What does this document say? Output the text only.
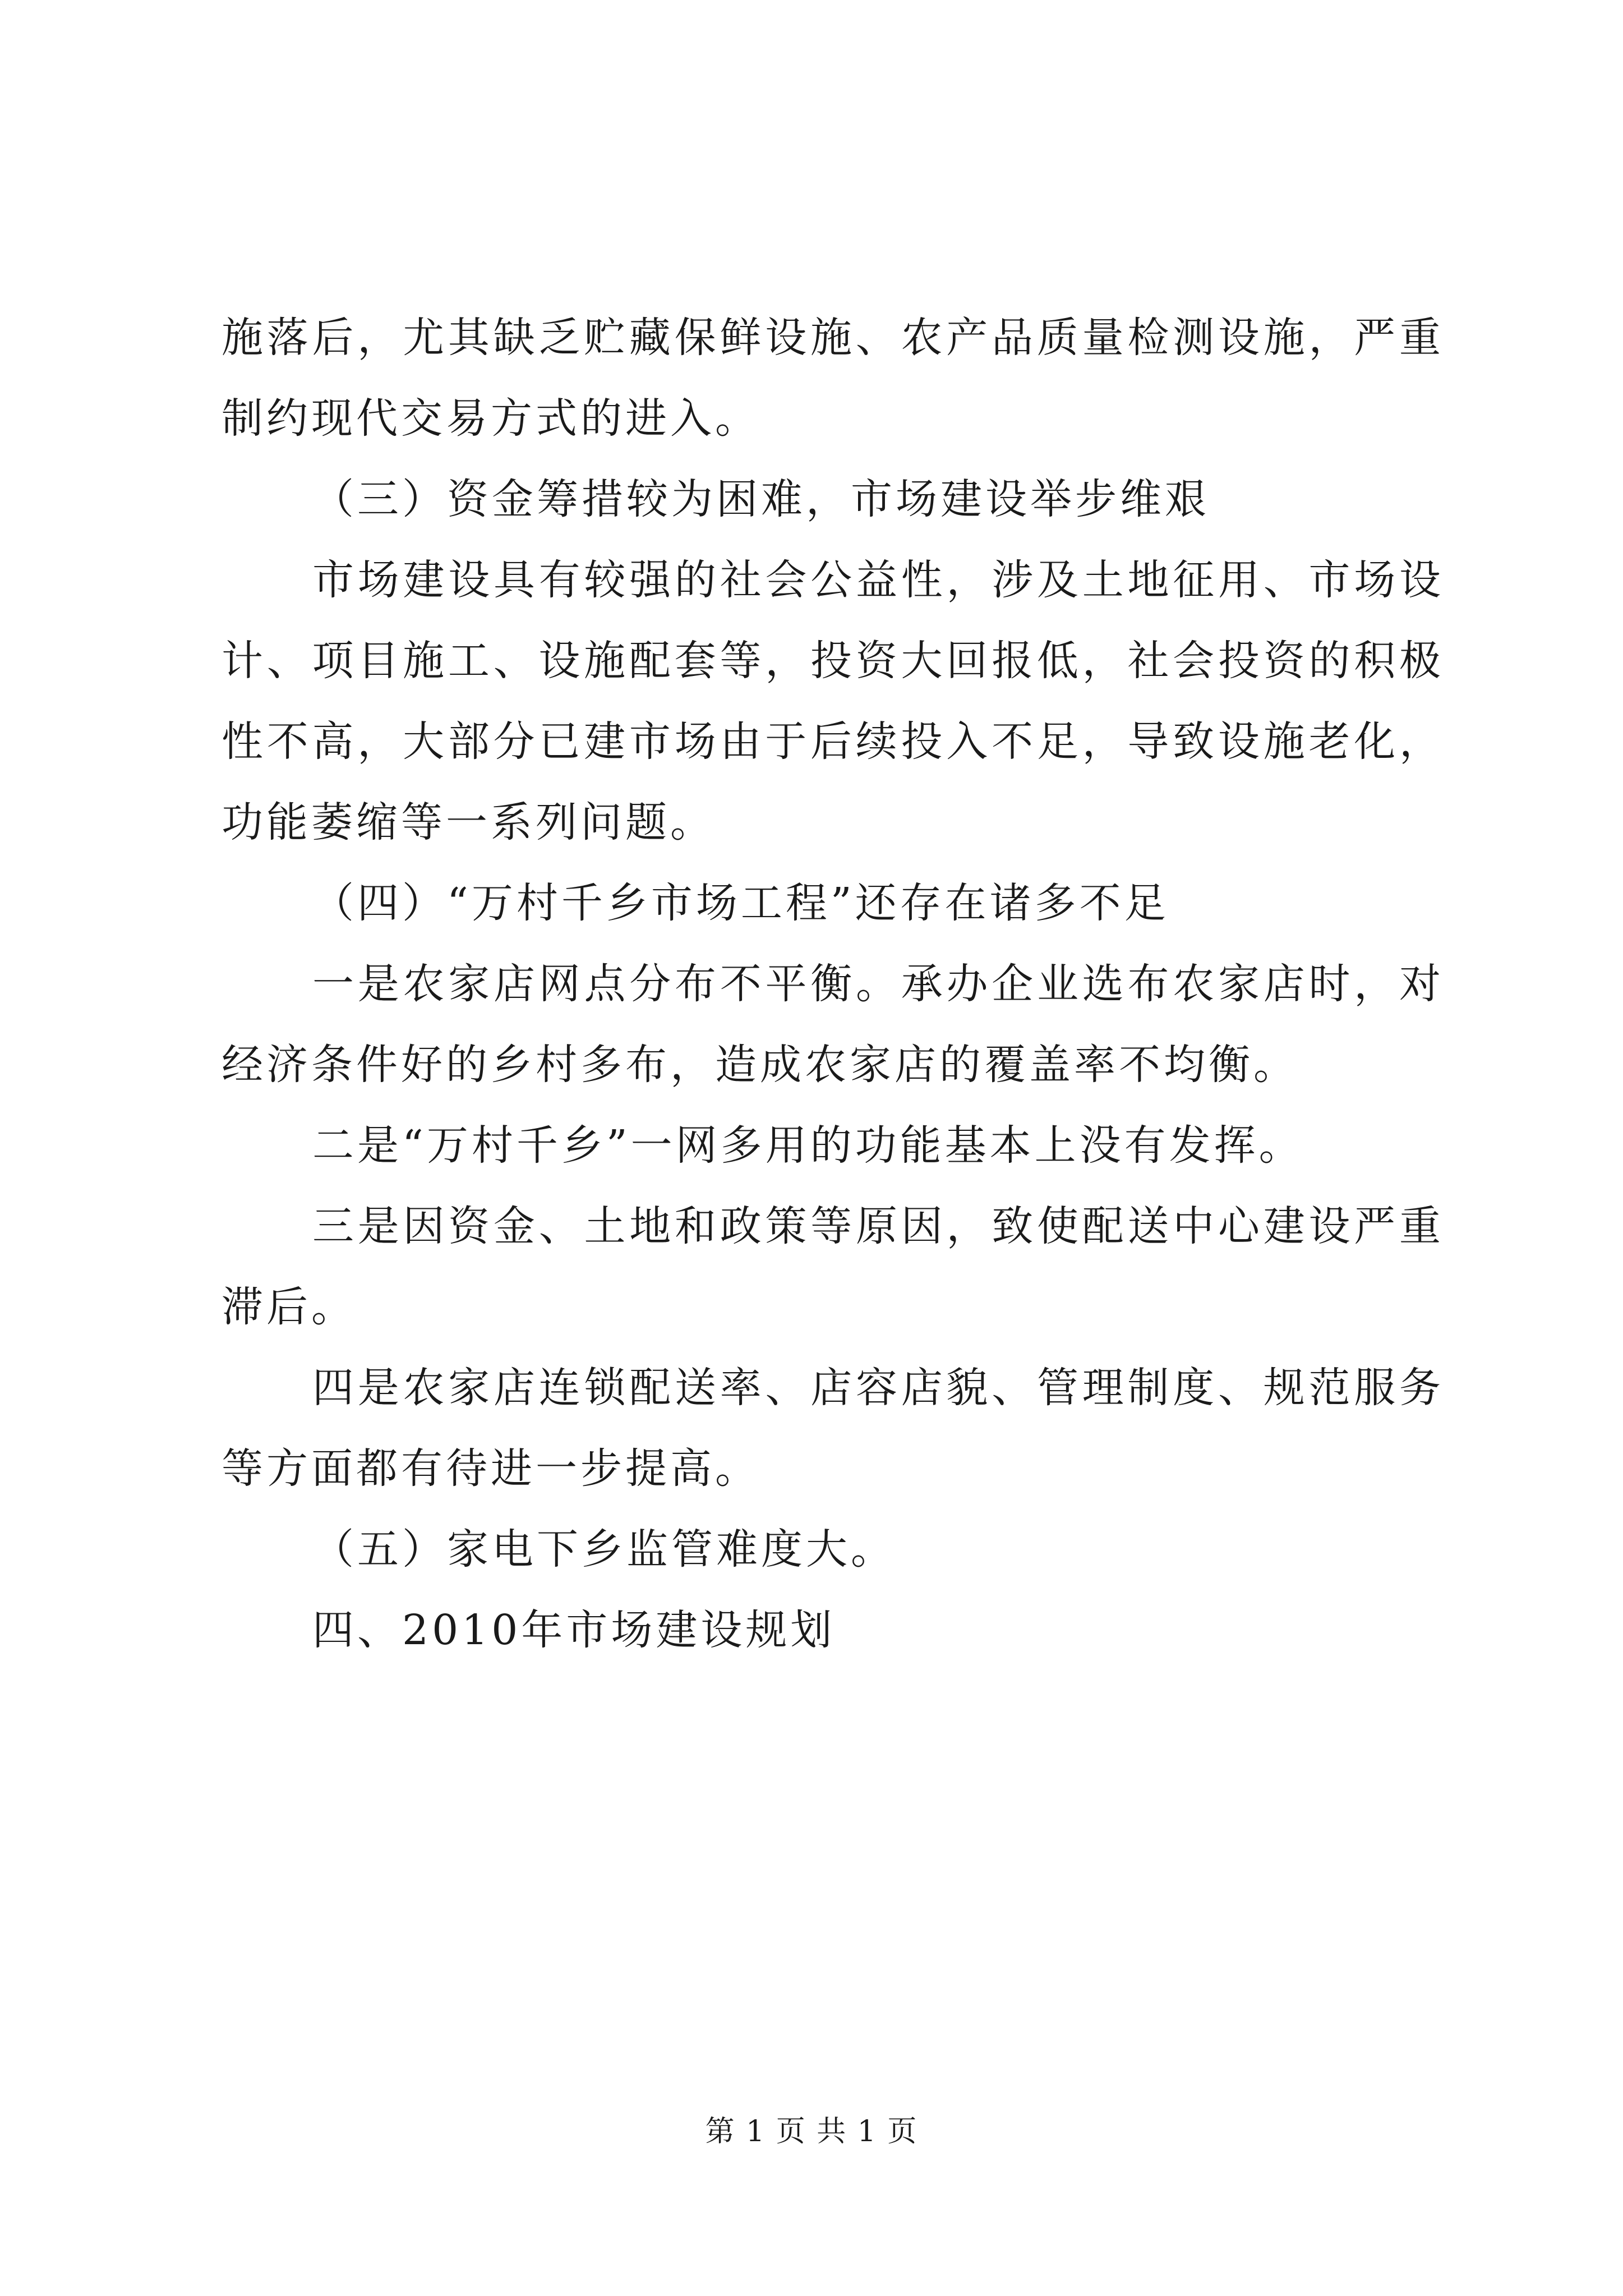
施落后，尤其缺乏贮藏保鲜设施、农产品质量检测设施，严重制约现代交易方式的进入。

（三）资金筹措较为困难，市场建设举步维艰

市场建设具有较强的社会公益性，涉及土地征用、市场设计、项目施工、设施配套等，投资大回报低，社会投资的积极性不高，大部分已建市场由于后续投入不足，导致设施老化，功能萎缩等一系列问题。

（四）“万村千乡市场工程”还存在诸多不足

一是农家店网点分布不平衡。承办企业选布农家店时，对经济条件好的乡村多布，造成农家店的覆盖率不均衡。

二是“万村千乡”一网多用的功能基本上没有发挥。

三是因资金、土地和政策等原因，致使配送中心建设严重滞后。

四是农家店连锁配送率、店容店貌、管理制度、规范服务等方面都有待进一步提高。

（五）家电下乡监管难度大。

四、2010年市场建设规划

第 1 页 共 1 页
